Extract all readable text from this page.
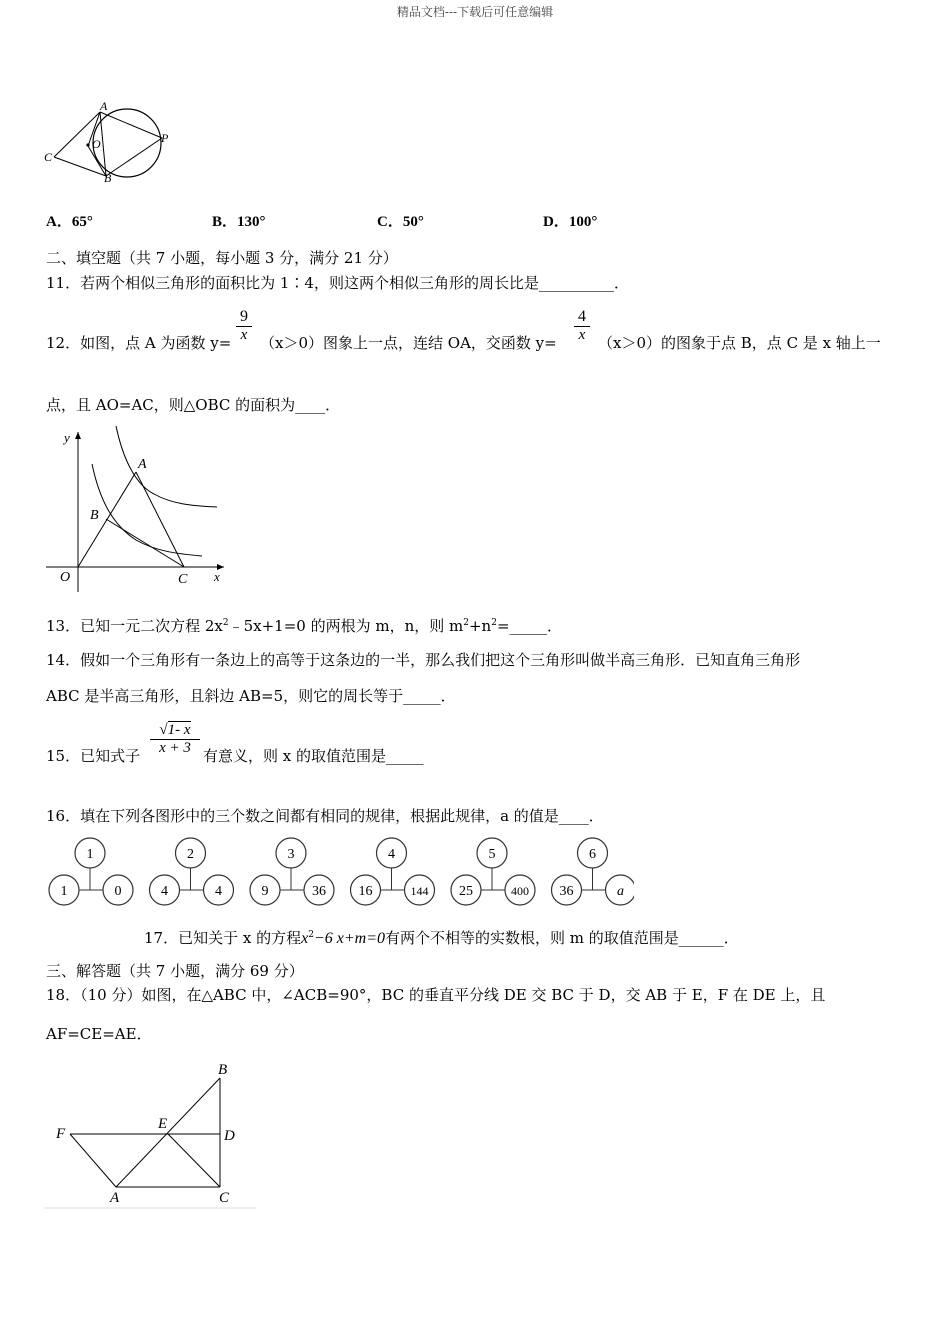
精品文档---下载后可任意编辑
A
O	P
C
B
A．65°	B．130°	C．50°	D．100°
二、填空题（共 7 小题，每小题 3 分，满分 21 分）
11．若两个相似三角形的面积比为 1∶4，则这两个相似三角形的周长比是__________．
12．如图，点 A 为函数 y=
9
x （x＞0）图象上一点，连结 OA，交函数 y=
4
x （x＞0）的图象于点 B，点 C 是 x 轴上一
点，且 AO=AC，则△OBC 的面积为____．
y
A
B
O	C x
13．已知一元二次方程 $2x^2﹣5x+1=0$ 的两根为 m，n，则 $m^2+n^2=\_\_\_\_\_$．
14．假如一个三角形有一条边上的高等于这条边的一半，那么我们把这个三角形叫做半高三角形．已知直角三角形
ABC 是半高三角形，且斜边 AB=5，则它的周长等于_____．
15．已知式子
√1- x
x + 3 有意义，则 x 的取值范围是_____
16．填在下列各图形中的三个数之间都有相同的规律，根据此规律，a 的值是____．
1
1	0
2
4	4
3
9	36
4
16	144
5
25	400
6
36	a
17．已知关于 x 的方程$x^2-6$ x+m=0有两个不相等的实数根，则 m 的取值范围是______．
三、解答题（共 7 小题，满分 69 分）
18．（10 分）如图，在△ABC 中，∠ACB=90°，BC 的垂直平分线 DE 交 BC 于 D，交 AB 于 E，F 在 DE 上，且
AF=CE=AE．
B
F
E
D
A	C
